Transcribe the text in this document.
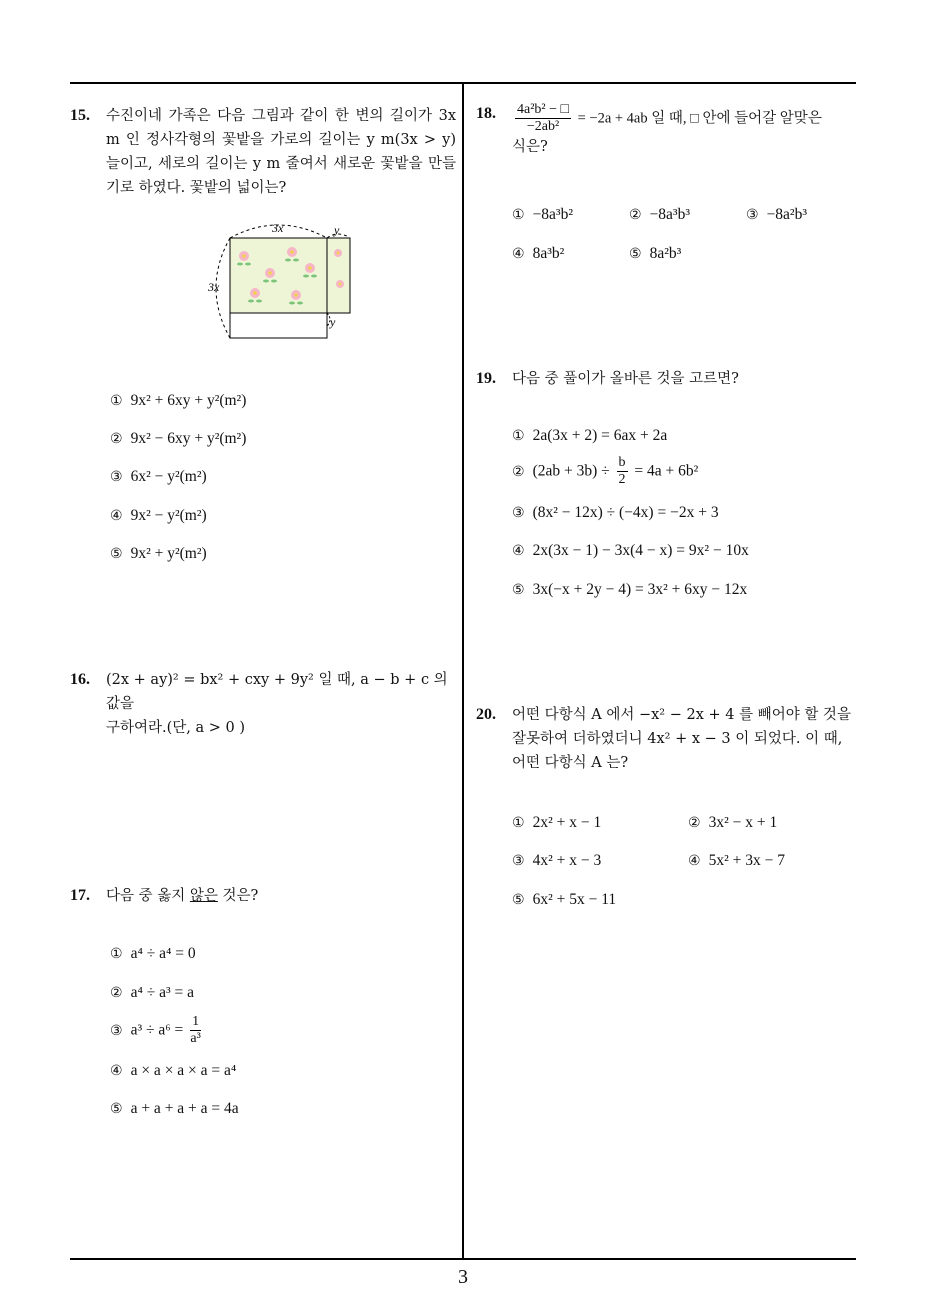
15. 수진이네 가족은 다음 그림과 같이 한 변의 길이가 3x m 인 정사각형의 꽃밭을 가로의 길이는 y m(3x > y) 늘이고, 세로의 길이는 y m 줄여서 새로운 꽃밭을 만들기로 하였다. 꽃밭의 넓이는?
3x	y
3x
y
① 9x² + 6xy + y²(m²)
② 9x² − 6xy + y²(m²)
③ 6x² − y²(m²)
④ 9x² − y²(m²)
⑤ 9x² + y²(m²)
16. (2x + ay)² = bx² + cxy + 9y² 일 때, a − b + c 의 값을
구하여라.(단, a > 0 )
17. 다음 중 옳지 않은 것은?
① a⁴ ÷ a⁴ = 0
② a⁴ ÷ a³ = a
③ $a^3 \div a^6 = \frac{1}{\text{a³}}$
④ a × a × a × a = a⁴
⑤ a + a + a + a = 4a
18. $\frac{\text{4a²b² − □}}{\text{−2ab²}} = -2a + 4ab$ 일 때, □ 안에 들어갈 알맞은
식은?
① −8a³b²	② −8a³b³	③ −8a²b³
④ 8a³b²	⑤ 8a²b³
19. 다음 중 풀이가 올바른 것을 고르면?
① 2a(3x + 2) = 6ax + 2a
② $(2ab + 3b) \div \frac{b}{2} = 4a + 6b^2$
③ (8x² − 12x) ÷ (−4x) = −2x + 3
④ 2x(3x − 1) − 3x(4 − x) = 9x² − 10x
⑤ 3x(−x + 2y − 4) = 3x² + 6xy − 12x
20. 어떤 다항식 A 에서 −x² − 2x + 4 를 빼어야 할 것을
잘못하여 더하였더니 4x² + x − 3 이 되었다. 이 때,
어떤 다항식 A 는?
① 2x² + x − 1	② 3x² − x + 1
③ 4x² + x − 3	④ 5x² + 3x − 7
⑤ 6x² + 5x − 11
3
